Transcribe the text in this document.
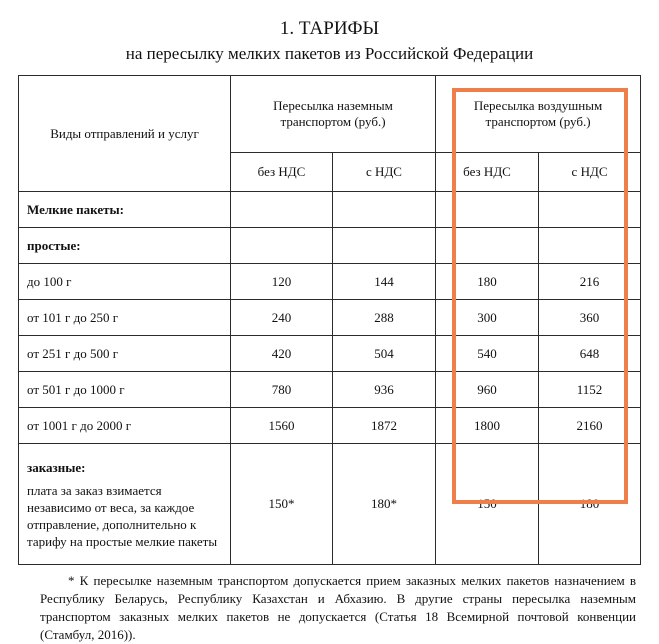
1. ТАРИФЫ
на пересылку мелких пакетов из Российской Федерации
Виды отправлений и услуг	Пересылка наземным транспортом (руб.)		Пересылка воздушным транспортом (руб.)	
	без НДС	с НДС	без НДС	с НДС
Мелкие пакеты:				
простые:				
до 100 г	120	144	180	216
от 101 г до 250 г	240	288	300	360
от 251 г до 500 г	420	504	540	648
от 501 г до 1000 г	780	936	960	1152
от 1001 г до 2000 г	1560	1872	1800	2160

заказные:
плата за заказ взимается независимо от веса, за каждое отправление, дополнительно к тарифу на простые мелкие пакеты	150*	180*	150	180
* К пересылке наземным транспортом допускается прием заказных мелких пакетов назначением в Республику Беларусь, Республику Казахстан и Абхазию. В другие страны пересылка наземным транспортом заказных мелких пакетов не допускается (Статья 18 Всемирной почтовой конвенции (Стамбул, 2016)).
